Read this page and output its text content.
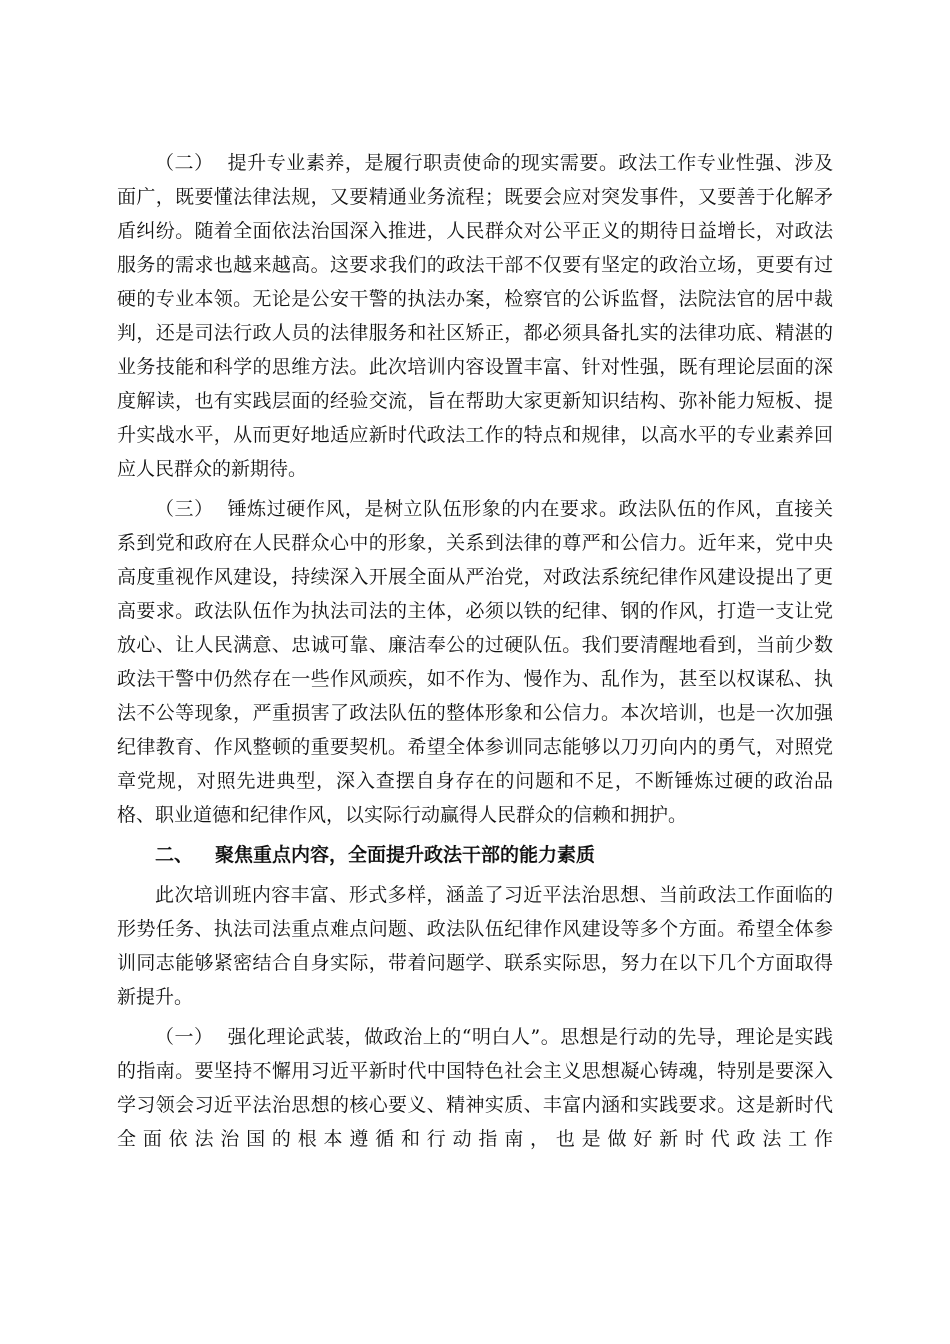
（二） 提升专业素养，是履行职责使命的现实需要。政法工作专业性强、涉及面广，既要懂法律法规，又要精通业务流程；既要会应对突发事件，又要善于化解矛盾纠纷。随着全面依法治国深入推进，人民群众对公平正义的期待日益增长，对政法服务的需求也越来越高。这要求我们的政法干部不仅要有坚定的政治立场，更要有过硬的专业本领。无论是公安干警的执法办案，检察官的公诉监督，法院法官的居中裁判，还是司法行政人员的法律服务和社区矫正，都必须具备扎实的法律功底、精湛的业务技能和科学的思维方法。此次培训内容设置丰富、针对性强，既有理论层面的深度解读，也有实践层面的经验交流，旨在帮助大家更新知识结构、弥补能力短板、提升实战水平，从而更好地适应新时代政法工作的特点和规律，以高水平的专业素养回应人民群众的新期待。

（三） 锤炼过硬作风，是树立队伍形象的内在要求。政法队伍的作风，直接关系到党和政府在人民群众心中的形象，关系到法律的尊严和公信力。近年来，党中央高度重视作风建设，持续深入开展全面从严治党，对政法系统纪律作风建设提出了更高要求。政法队伍作为执法司法的主体，必须以铁的纪律、钢的作风，打造一支让党放心、让人民满意、忠诚可靠、廉洁奉公的过硬队伍。我们要清醒地看到，当前少数政法干警中仍然存在一些作风顽疾，如不作为、慢作为、乱作为，甚至以权谋私、执法不公等现象，严重损害了政法队伍的整体形象和公信力。本次培训，也是一次加强纪律教育、作风整顿的重要契机。希望全体参训同志能够以刀刃向内的勇气，对照党章党规，对照先进典型，深入查摆自身存在的问题和不足，不断锤炼过硬的政治品格、职业道德和纪律作风，以实际行动赢得人民群众的信赖和拥护。

二、 聚焦重点内容，全面提升政法干部的能力素质

此次培训班内容丰富、形式多样，涵盖了习近平法治思想、当前政法工作面临的形势任务、执法司法重点难点问题、政法队伍纪律作风建设等多个方面。希望全体参训同志能够紧密结合自身实际，带着问题学、联系实际思，努力在以下几个方面取得新提升。

（一） 强化理论武装，做政治上的“明白人”。思想是行动的先导，理论是实践的指南。要坚持不懈用习近平新时代中国特色社会主义思想凝心铸魂，特别是要深入学习领会习近平法治思想的核心要义、精神实质、丰富内涵和实践要求。这是新时代全面依法治国的根本遵循和行动指南，也是做好新时代政法工作
